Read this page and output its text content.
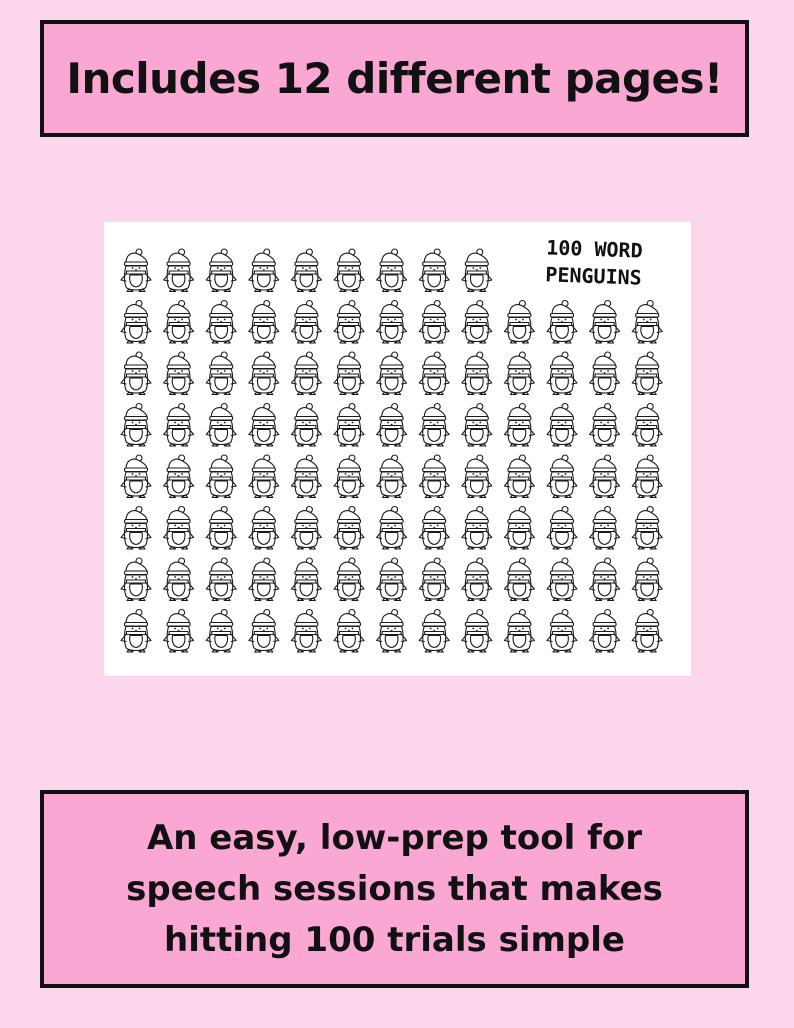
Includes 12 different pages!
100 WORD
PENGUINS
An easy, low-prep tool for speech sessions that makes hitting 100 trials simple
